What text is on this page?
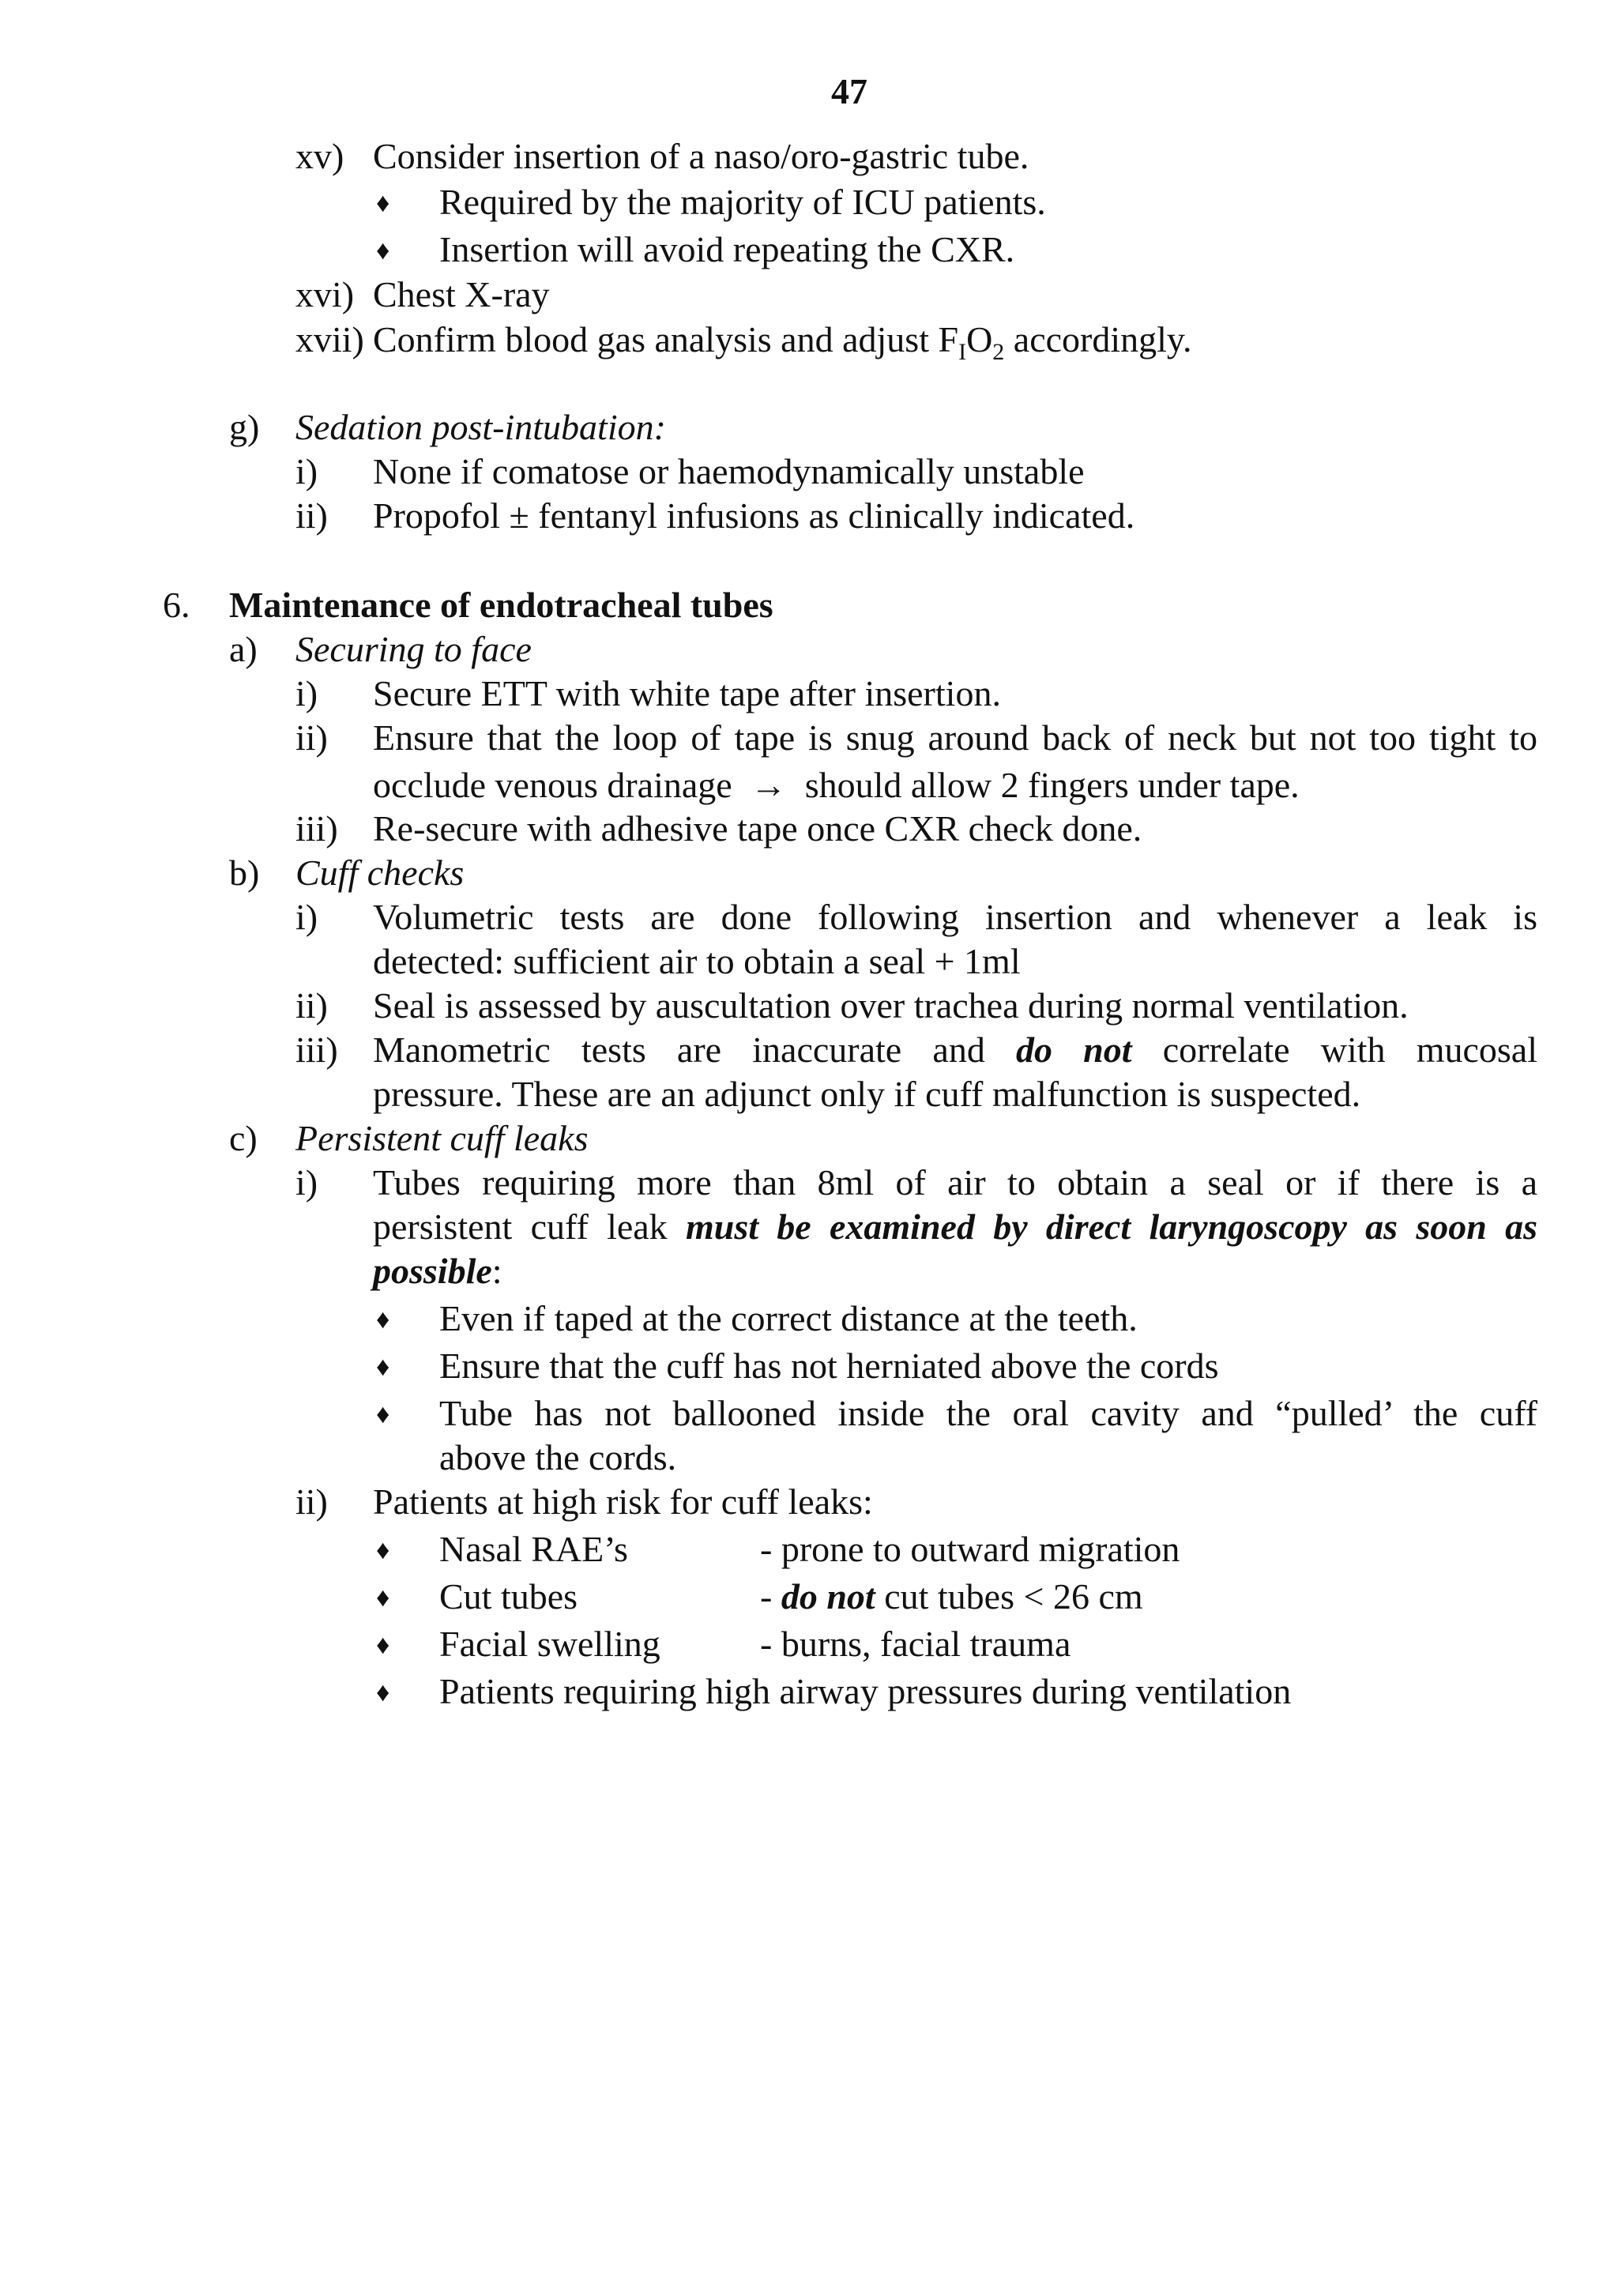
47
xv) Consider insertion of a naso/oro-gastric tube.
♦ Required by the majority of ICU patients.
♦ Insertion will avoid repeating the CXR.
xvi) Chest X-ray
xvii) Confirm blood gas analysis and adjust $F_IO_2$ accordingly.
g) Sedation post-intubation:
i) None if comatose or haemodynamically unstable
ii) Propofol ± fentanyl infusions as clinically indicated.
6. Maintenance of endotracheal tubes
a) Securing to face
i) Secure ETT with white tape after insertion.
ii) Ensure that the loop of tape is snug around back of neck but not too tight to
occlude venous drainage → should allow 2 fingers under tape.
iii) Re-secure with adhesive tape once CXR check done.
b) Cuff checks
i) Volumetric tests are done following insertion and whenever a leak is
detected: sufficient air to obtain a seal + 1ml
ii) Seal is assessed by auscultation over trachea during normal ventilation.
iii) Manometric tests are inaccurate and do not correlate with mucosal
pressure. These are an adjunct only if cuff malfunction is suspected.
c) Persistent cuff leaks
i) Tubes requiring more than 8ml of air to obtain a seal or if there is a
persistent cuff leak must be examined by direct laryngoscopy as soon as
possible:
♦ Even if taped at the correct distance at the teeth.
♦ Ensure that the cuff has not herniated above the cords
♦ Tube has not ballooned inside the oral cavity and “pulled’ the cuff
above the cords.
ii) Patients at high risk for cuff leaks:
♦ Nasal RAE’s	- prone to outward migration
♦ Cut tubes	- do not cut tubes < 26 cm
♦ Facial swelling	- burns, facial trauma
♦ Patients requiring high airway pressures during ventilation
